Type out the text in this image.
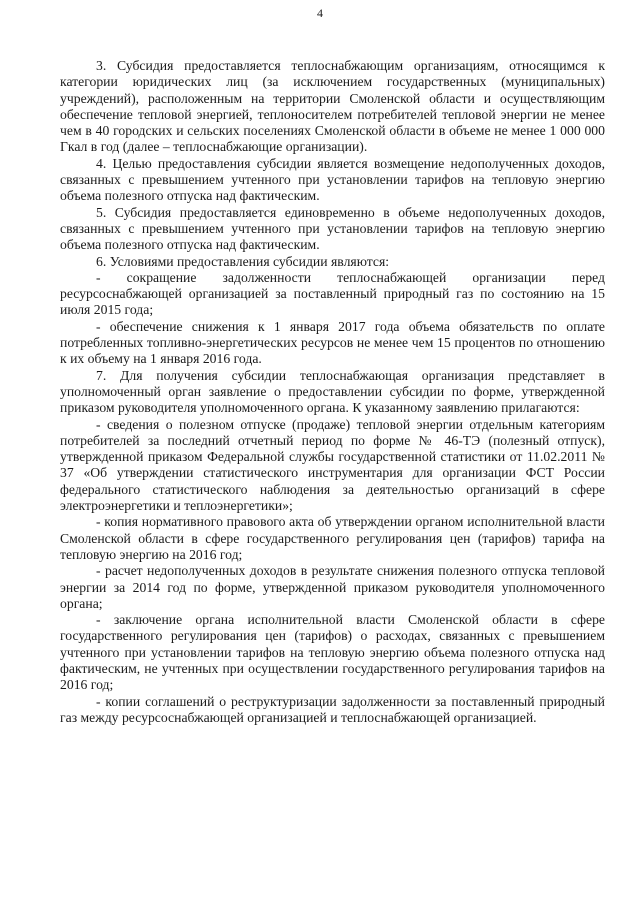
4

3. Субсидия предоставляется теплоснабжающим организациям, относящимся к категории юридических лиц (за исключением государственных (муниципальных) учреждений), расположенным на территории Смоленской области и осуществляющим обеспечение тепловой энергией, теплоносителем потребителей тепловой энергии не менее чем в 40 городских и сельских поселениях Смоленской области в объеме не менее 1 000 000 Гкал в год (далее – теплоснабжающие организации).

4. Целью предоставления субсидии является возмещение недополученных доходов, связанных с превышением учтенного при установлении тарифов на тепловую энергию объема полезного отпуска над фактическим.

5. Субсидия предоставляется единовременно в объеме недополученных доходов, связанных с превышением учтенного при установлении тарифов на тепловую энергию объема полезного отпуска над фактическим.

6. Условиями предоставления субсидии являются:

- сокращение задолженности теплоснабжающей организации перед ресурсоснабжающей организацией за поставленный природный газ по состоянию на 15 июля 2015 года;

- обеспечение снижения к 1 января 2017 года объема обязательств по оплате потребленных топливно-энергетических ресурсов не менее чем 15 процентов по отношению к их объему на 1 января 2016 года.

7. Для получения субсидии теплоснабжающая организация представляет в уполномоченный орган заявление о предоставлении субсидии по форме, утвержденной приказом руководителя уполномоченного органа. К указанному заявлению прилагаются:

- сведения о полезном отпуске (продаже) тепловой энергии отдельным категориям потребителей за последний отчетный период по форме № 46-ТЭ (полезный отпуск), утвержденной приказом Федеральной службы государственной статистики от 11.02.2011 № 37 «Об утверждении статистического инструментария для организации ФСТ России федерального статистического наблюдения за деятельностью организаций в сфере электроэнергетики и теплоэнергетики»;

- копия нормативного правового акта об утверждении органом исполнительной власти Смоленской области в сфере государственного регулирования цен (тарифов) тарифа на тепловую энергию на 2016 год;

- расчет недополученных доходов в результате снижения полезного отпуска тепловой энергии за 2014 год по форме, утвержденной приказом руководителя уполномоченного органа;

- заключение органа исполнительной власти Смоленской области в сфере государственного регулирования цен (тарифов) о расходах, связанных с превышением учтенного при установлении тарифов на тепловую энергию объема полезного отпуска над фактическим, не учтенных при осуществлении государственного регулирования тарифов на 2016 год;

- копии соглашений о реструктуризации задолженности за поставленный природный газ между ресурсоснабжающей организацией и теплоснабжающей организацией.
